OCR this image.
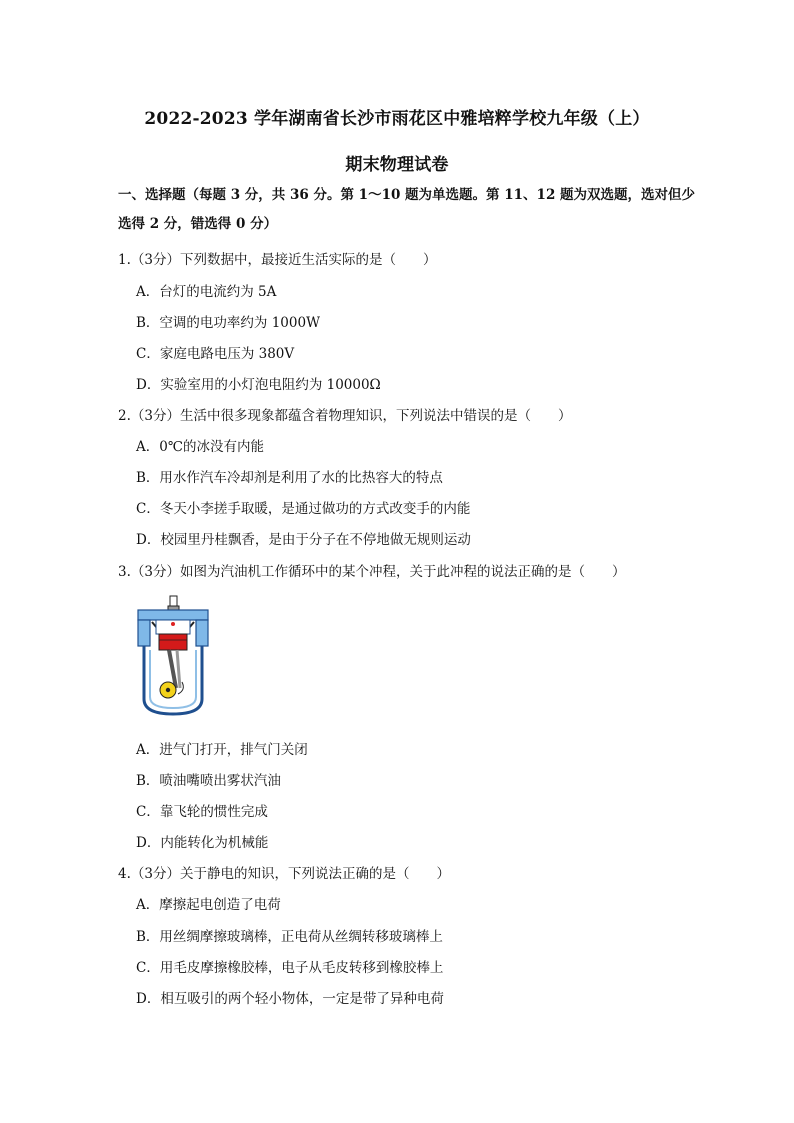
2022-2023 学年湖南省长沙市雨花区中雅培粹学校九年级（上）
期末物理试卷
一、选择题（每题 3 分，共 36 分。第 1～10 题为单选题。第 11、12 题为双选题，选对但少选得 2 分，错选得 0 分）
1.（3分）下列数据中，最接近生活实际的是（　　）
A．台灯的电流约为 5A
B．空调的电功率约为 1000W
C．家庭电路电压为 380V
D．实验室用的小灯泡电阻约为 10000Ω
2.（3分）生活中很多现象都蕴含着物理知识，下列说法中错误的是（　　）
A．0℃的冰没有内能
B．用水作汽车冷却剂是利用了水的比热容大的特点
C．冬天小李搓手取暖，是通过做功的方式改变手的内能
D．校园里丹桂飘香，是由于分子在不停地做无规则运动
3.（3分）如图为汽油机工作循环中的某个冲程，关于此冲程的说法正确的是（　　）
A．进气门打开，排气门关闭
B．喷油嘴喷出雾状汽油
C．靠飞轮的惯性完成
D．内能转化为机械能
4.（3分）关于静电的知识，下列说法正确的是（　　）
A．摩擦起电创造了电荷
B．用丝绸摩擦玻璃棒，正电荷从丝绸转移玻璃棒上
C．用毛皮摩擦橡胶棒，电子从毛皮转移到橡胶棒上
D．相互吸引的两个轻小物体，一定是带了异种电荷
